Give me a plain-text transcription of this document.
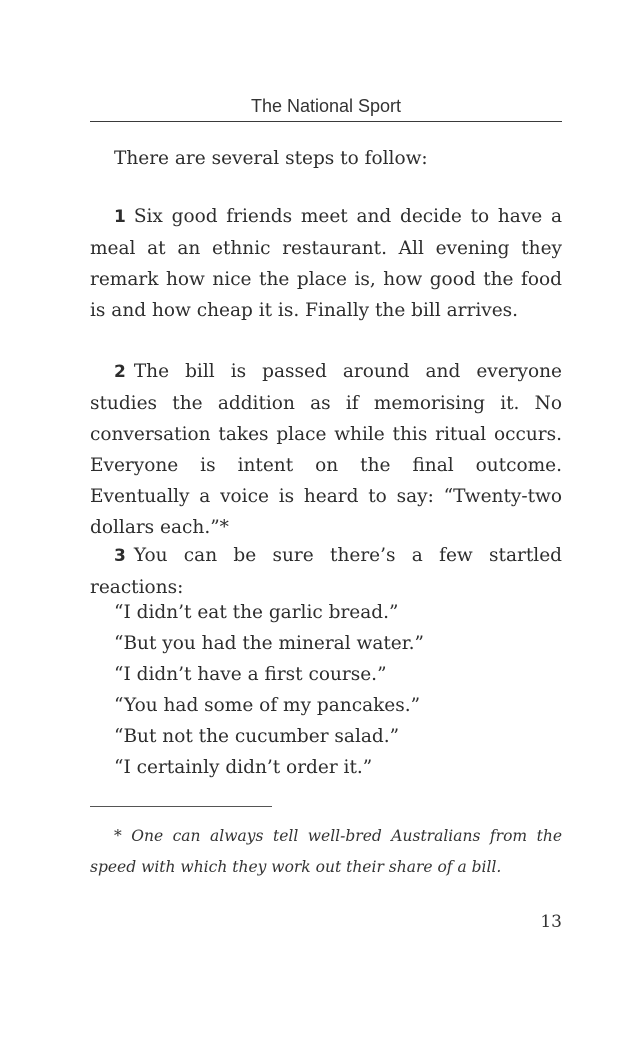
The National Sport

There are several steps to follow:

1 Six good friends meet and decide to have a meal at an ethnic restaurant. All evening they remark how nice the place is, how good the food is and how cheap it is. Finally the bill arrives.

2 The bill is passed around and everyone studies the addition as if memorising it. No conversation takes place while this ritual occurs. Everyone is intent on the final outcome. Eventually a voice is heard to say: “Twenty-two dollars each.”*

3 You can be sure there’s a few startled reactions:

“I didn’t eat the garlic bread.”
“But you had the mineral water.”
“I didn’t have a first course.”
“You had some of my pancakes.”
“But not the cucumber salad.”
“I certainly didn’t order it.”

* One can always tell well-bred Australians from the speed with which they work out their share of a bill.

13
